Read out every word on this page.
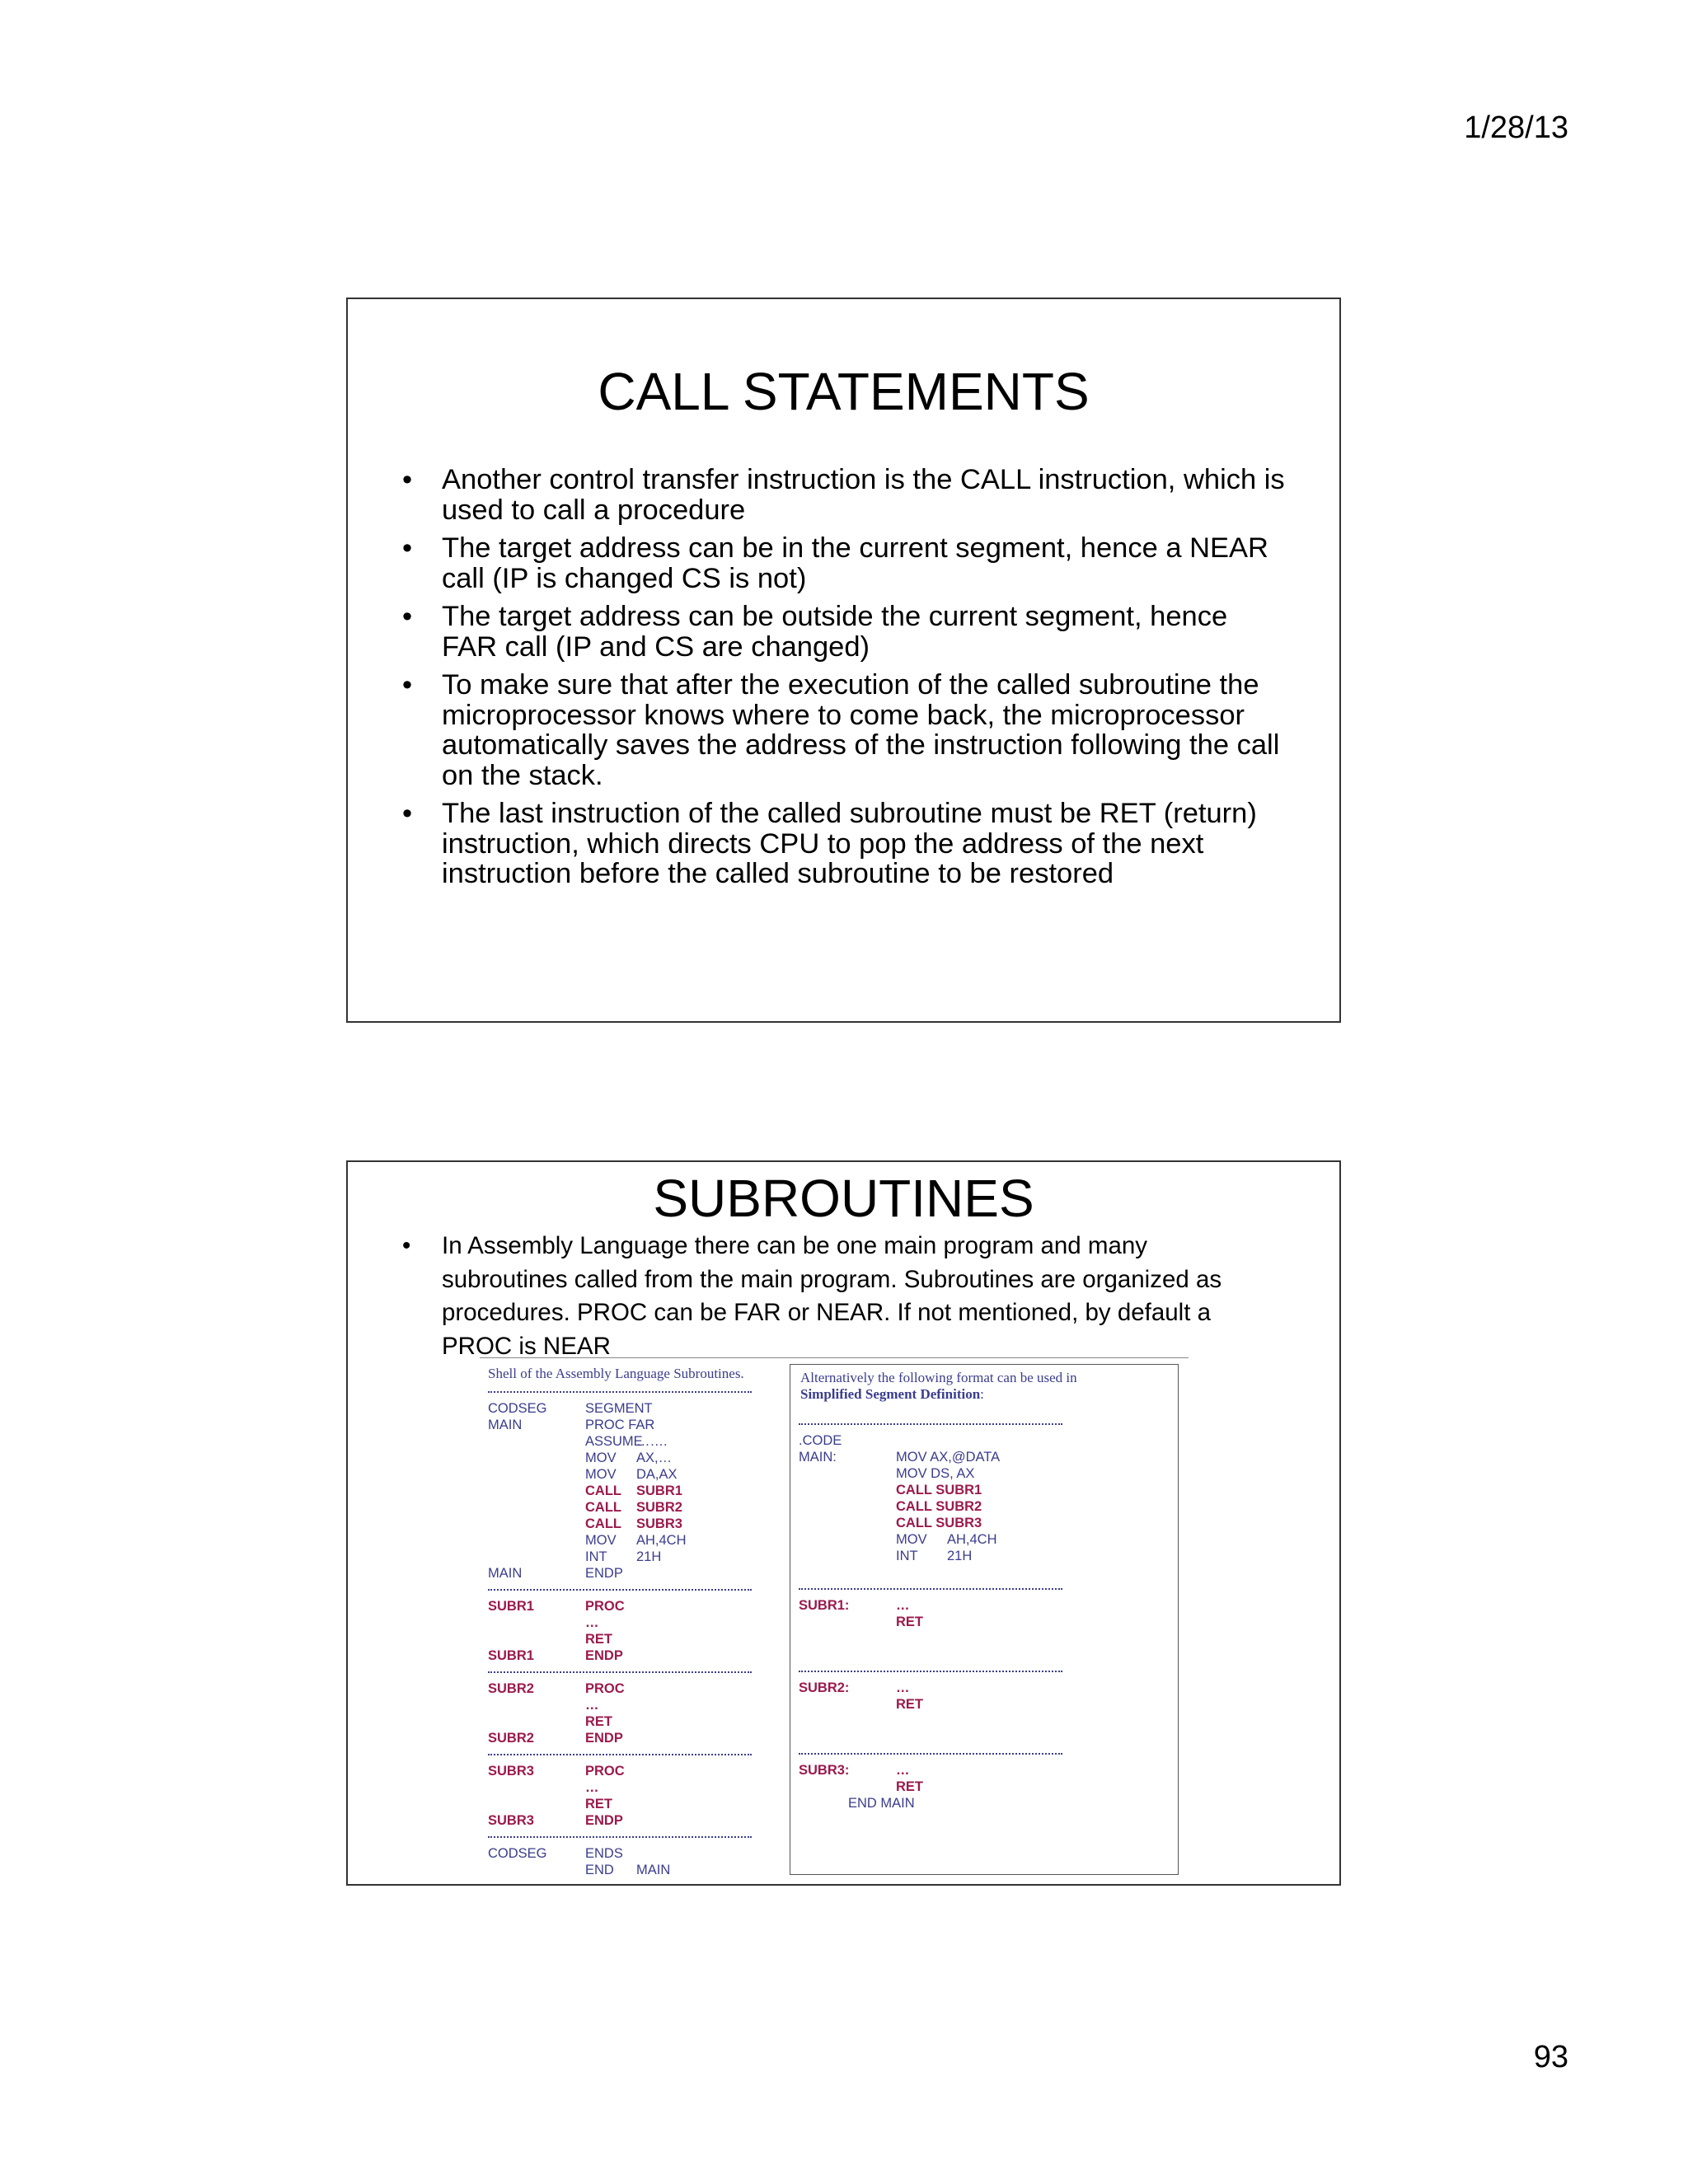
1/28/13
CALL STATEMENTS
• Another control transfer instruction is the CALL instruction, which is used to call a procedure
• The target address can be in the current segment, hence a NEAR call (IP is changed CS is not)
• The target address can be outside the current segment, hence FAR call (IP and CS are changed)
• To make sure that after the execution of the called subroutine the microprocessor knows where to come back, the microprocessor automatically saves the address of the instruction following the call on the stack.
• The last instruction of the called subroutine must be RET (return) instruction, which directs CPU to pop the address of the next instruction before the called subroutine to be restored
SUBROUTINES
• In Assembly Language there can be one main program and many subroutines called from the main program. Subroutines are organized as procedures. PROC can be FAR or NEAR. If not mentioned, by default a PROC is NEAR
Shell of the Assembly Language Subroutines.
CODSEG	SEGMENT
MAIN	PROC FAR
ASSUME
…….
MOV AX,…
MOV DA,AX
CALL SUBR1
CALL SUBR2
CALL SUBR3
MOV AH,4CH
INT 21H
MAIN	ENDP
SUBR1	PROC
…
RET
SUBR1	ENDP
SUBR2	PROC
…
RET
SUBR2	ENDP
SUBR3	PROC
…
RET
SUBR3	ENDP
CODSEG	ENDS
END MAIN
Alternatively the following format can be used in
Simplified Segment Definition:
.CODE
MAIN:	MOV AX,@DATA
MOV DS, AX
CALL SUBR1
CALL SUBR2
CALL SUBR3
MOV AH,4CH
INT 21H
SUBR1:	…
RET
SUBR2:	…
RET
SUBR3:	…
RET
END MAIN
93
